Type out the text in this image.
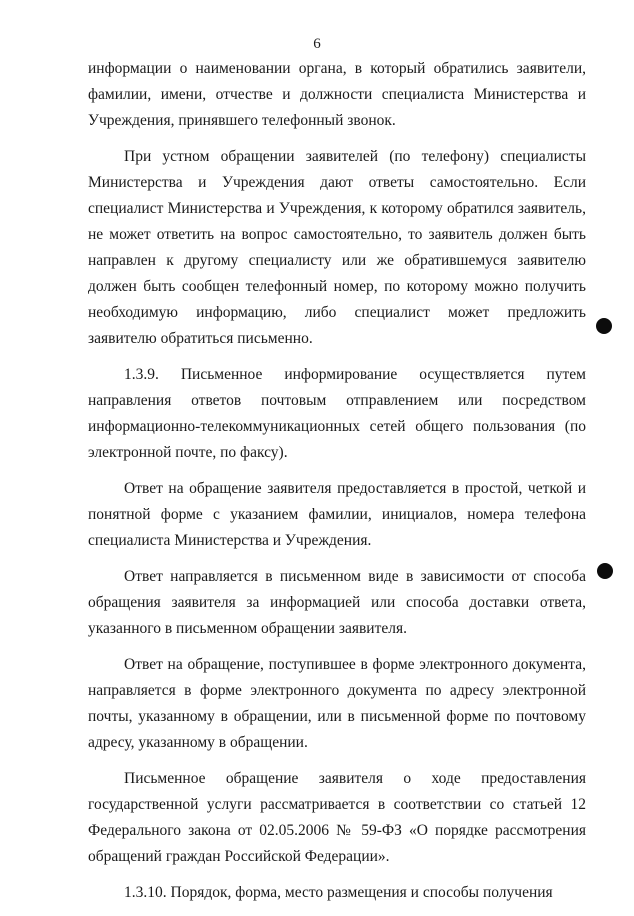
6

информации о наименовании органа, в который обратились заявители, фамилии, имени, отчестве и должности специалиста Министерства и Учреждения, принявшего телефонный звонок.

При устном обращении заявителей (по телефону) специалисты Министерства и Учреждения дают ответы самостоятельно. Если специалист Министерства и Учреждения, к которому обратился заявитель, не может ответить на вопрос самостоятельно, то заявитель должен быть направлен к другому специалисту или же обратившемуся заявителю должен быть сообщен телефонный номер, по которому можно получить необходимую информацию, либо специалист может предложить заявителю обратиться письменно.

1.3.9. Письменное информирование осуществляется путем направления ответов почтовым отправлением или посредством информационно-телекоммуникационных сетей общего пользования (по электронной почте, по факсу).

Ответ на обращение заявителя предоставляется в простой, четкой и понятной форме с указанием фамилии, инициалов, номера телефона специалиста Министерства и Учреждения.

Ответ направляется в письменном виде в зависимости от способа обращения заявителя за информацией или способа доставки ответа, указанного в письменном обращении заявителя.

Ответ на обращение, поступившее в форме электронного документа, направляется в форме электронного документа по адресу электронной почты, указанному в обращении, или в письменной форме по почтовому адресу, указанному в обращении.

Письменное обращение заявителя о ходе предоставления государственной услуги рассматривается в соответствии со статьей 12 Федерального закона от 02.05.2006 № 59-ФЗ «О порядке рассмотрения обращений граждан Российской Федерации».

1.3.10. Порядок, форма, место размещения и способы получения
